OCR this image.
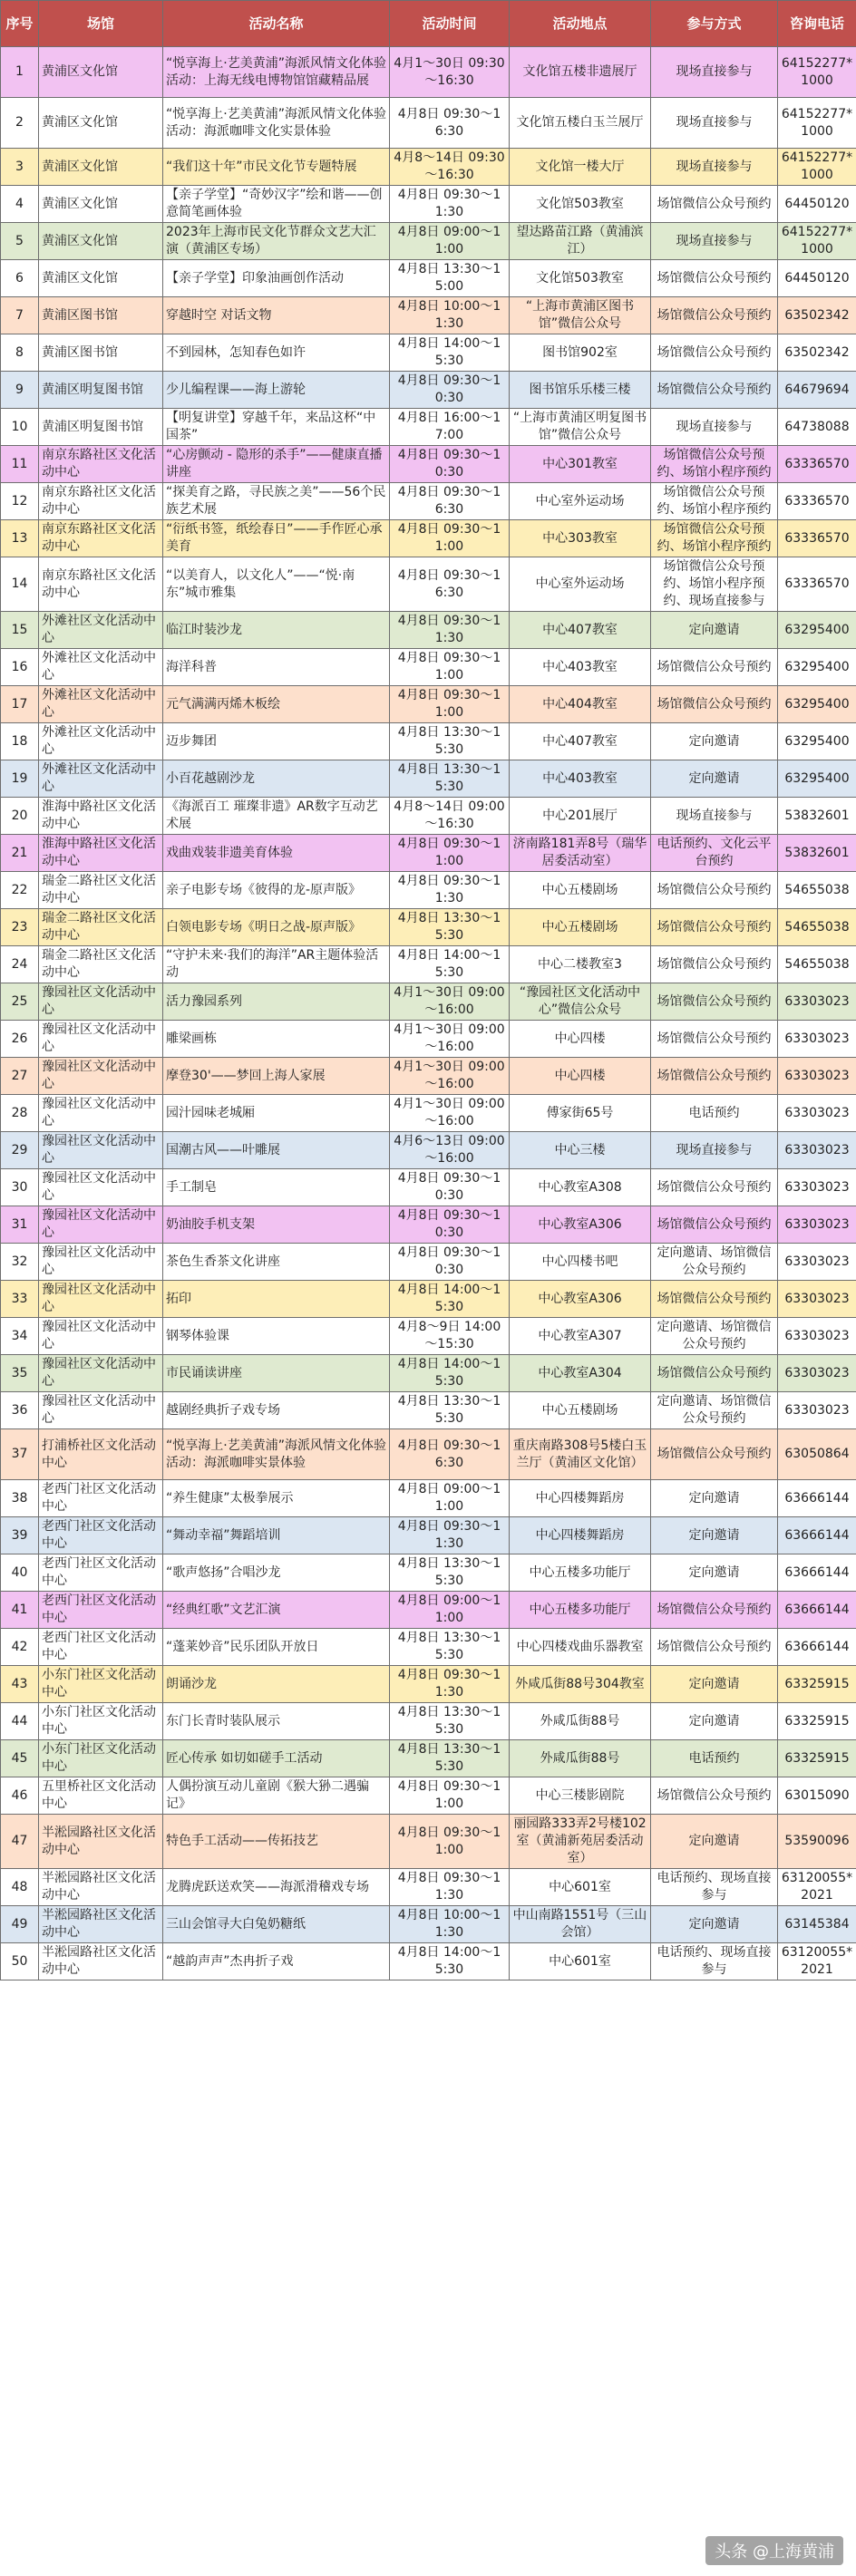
序号	场馆	活动名称	活动时间	活动地点	参与方式	咨询电话
1	黄浦区文化馆	“悦享海上·艺美黄浦”海派风情文化体验活动：上海无线电博物馆馆藏精品展	4月1～30日 09:30～16:30	文化馆五楼非遗展厅	现场直接参与	64152277*1000
2	黄浦区文化馆	“悦享海上·艺美黄浦”海派风情文化体验活动：海派咖啡文化实景体验	4月8日 09:30～16:30	文化馆五楼白玉兰展厅	现场直接参与	64152277*1000
3	黄浦区文化馆	“我们这十年”市民文化节专题特展	4月8～14日 09:30～16:30	文化馆一楼大厅	现场直接参与	64152277*1000
4	黄浦区文化馆	【亲子学堂】“奇妙汉字”绘和谐——创意简笔画体验	4月8日 09:30～11:30	文化馆503教室	场馆微信公众号预约	64450120
5	黄浦区文化馆	2023年上海市民文化节群众文艺大汇演（黄浦区专场）	4月8日 09:00～11:00	望达路苗江路（黄浦滨江）	现场直接参与	64152277*1000
6	黄浦区文化馆	【亲子学堂】印象油画创作活动	4月8日 13:30～15:00	文化馆503教室	场馆微信公众号预约	64450120
7	黄浦区图书馆	穿越时空 对话文物	4月8日 10:00～11:30	“上海市黄浦区图书馆”微信公众号	场馆微信公众号预约	63502342
8	黄浦区图书馆	不到园林，怎知春色如许	4月8日 14:00～15:30	图书馆902室	场馆微信公众号预约	63502342
9	黄浦区明复图书馆	少儿编程课——海上游轮	4月8日 09:30～10:30	图书馆乐乐楼三楼	场馆微信公众号预约	64679694
10	黄浦区明复图书馆	【明复讲堂】穿越千年，来品这杯“中国茶”	4月8日 16:00～17:00	“上海市黄浦区明复图书馆”微信公众号	现场直接参与	64738088
11	南京东路社区文化活动中心	“心房颤动 - 隐形的杀手”——健康直播讲座	4月8日 09:30～10:30	中心301教室	场馆微信公众号预约、场馆小程序预约	63336570
12	南京东路社区文化活动中心	“探美育之路，寻民族之美”——56个民族艺术展	4月8日 09:30～16:30	中心室外运动场	场馆微信公众号预约、场馆小程序预约	63336570
13	南京东路社区文化活动中心	“衍纸书签，纸绘春日”——手作匠心承美育	4月8日 09:30～11:00	中心303教室	场馆微信公众号预约、场馆小程序预约	63336570
14	南京东路社区文化活动中心	“以美育人，以文化人”——“悦·南东”城市雅集	4月8日 09:30～16:30	中心室外运动场	场馆微信公众号预约、场馆小程序预约、现场直接参与	63336570
15	外滩社区文化活动中心	临江时装沙龙	4月8日 09:30～11:30	中心407教室	定向邀请	63295400
16	外滩社区文化活动中心	海洋科普	4月8日 09:30～11:00	中心403教室	场馆微信公众号预约	63295400
17	外滩社区文化活动中心	元气满满丙烯木板绘	4月8日 09:30～11:00	中心404教室	场馆微信公众号预约	63295400
18	外滩社区文化活动中心	迈步舞团	4月8日 13:30～15:30	中心407教室	定向邀请	63295400
19	外滩社区文化活动中心	小百花越剧沙龙	4月8日 13:30～15:30	中心403教室	定向邀请	63295400
20	淮海中路社区文化活动中心	《海派百工 璀璨非遗》AR数字互动艺术展	4月8～14日 09:00～16:30	中心201展厅	现场直接参与	53832601
21	淮海中路社区文化活动中心	戏曲戏装非遗美育体验	4月8日 09:30～11:00	济南路181弄8号（瑞华居委活动室）	电话预约、文化云平台预约	53832601
22	瑞金二路社区文化活动中心	亲子电影专场《彼得的龙-原声版》	4月8日 09:30～11:30	中心五楼剧场	场馆微信公众号预约	54655038
23	瑞金二路社区文化活动中心	白领电影专场《明日之战-原声版》	4月8日 13:30～15:30	中心五楼剧场	场馆微信公众号预约	54655038
24	瑞金二路社区文化活动中心	“守护未来·我们的海洋”AR主题体验活动	4月8日 14:00～15:30	中心二楼教室3	场馆微信公众号预约	54655038
25	豫园社区文化活动中心	活力豫园系列	4月1～30日 09:00～16:00	“豫园社区文化活动中心”微信公众号	场馆微信公众号预约	63303023
26	豫园社区文化活动中心	雕梁画栋	4月1～30日 09:00～16:00	中心四楼	场馆微信公众号预约	63303023
27	豫园社区文化活动中心	摩登30'——梦回上海人家展	4月1～30日 09:00～16:00	中心四楼	场馆微信公众号预约	63303023
28	豫园社区文化活动中心	园汁园味老城厢	4月1～30日 09:00～16:00	傅家街65号	电话预约	63303023
29	豫园社区文化活动中心	国潮古风——叶雕展	4月6～13日 09:00～16:00	中心三楼	现场直接参与	63303023
30	豫园社区文化活动中心	手工制皂	4月8日 09:30～10:30	中心教室A308	场馆微信公众号预约	63303023
31	豫园社区文化活动中心	奶油胶手机支架	4月8日 09:30～10:30	中心教室A306	场馆微信公众号预约	63303023
32	豫园社区文化活动中心	茶色生香茶文化讲座	4月8日 09:30～10:30	中心四楼书吧	定向邀请、场馆微信公众号预约	63303023
33	豫园社区文化活动中心	拓印	4月8日 14:00～15:30	中心教室A306	场馆微信公众号预约	63303023
34	豫园社区文化活动中心	钢琴体验课	4月8～9日 14:00～15:30	中心教室A307	定向邀请、场馆微信公众号预约	63303023
35	豫园社区文化活动中心	市民诵读讲座	4月8日 14:00～15:30	中心教室A304	场馆微信公众号预约	63303023
36	豫园社区文化活动中心	越剧经典折子戏专场	4月8日 13:30～15:30	中心五楼剧场	定向邀请、场馆微信公众号预约	63303023
37	打浦桥社区文化活动中心	“悦享海上·艺美黄浦”海派风情文化体验活动：海派咖啡实景体验	4月8日 09:30～16:30	重庆南路308号5楼白玉兰厅（黄浦区文化馆）	场馆微信公众号预约	63050864
38	老西门社区文化活动中心	“养生健康”太极拳展示	4月8日 09:00～11:00	中心四楼舞蹈房	定向邀请	63666144
39	老西门社区文化活动中心	“舞动幸福”舞蹈培训	4月8日 09:30～11:30	中心四楼舞蹈房	定向邀请	63666144
40	老西门社区文化活动中心	“歌声悠扬”合唱沙龙	4月8日 13:30～15:30	中心五楼多功能厅	定向邀请	63666144
41	老西门社区文化活动中心	“经典红歌”文艺汇演	4月8日 09:00～11:00	中心五楼多功能厅	场馆微信公众号预约	63666144
42	老西门社区文化活动中心	“蓬莱妙音”民乐团队开放日	4月8日 13:30～15:30	中心四楼戏曲乐器教室	场馆微信公众号预约	63666144
43	小东门社区文化活动中心	朗诵沙龙	4月8日 09:30～11:30	外咸瓜街88号304教室	定向邀请	63325915
44	小东门社区文化活动中心	东门长青时装队展示	4月8日 13:30～15:30	外咸瓜街88号	定向邀请	63325915
45	小东门社区文化活动中心	匠心传承 如切如磋手工活动	4月8日 13:30～15:30	外咸瓜街88号	电话预约	63325915
46	五里桥社区文化活动中心	人偶扮演互动儿童剧《猴大狲二遇骗记》	4月8日 09:30～11:00	中心三楼影剧院	场馆微信公众号预约	63015090
47	半淞园路社区文化活动中心	特色手工活动——传拓技艺	4月8日 09:30～11:00	丽园路333弄2号楼102室（黄浦新苑居委活动室）	定向邀请	53590096
48	半淞园路社区文化活动中心	龙腾虎跃送欢笑——海派滑稽戏专场	4月8日 09:30～11:30	中心601室	电话预约、现场直接参与	63120055*2021
49	半淞园路社区文化活动中心	三山会馆寻大白兔奶糖纸	4月8日 10:00～11:30	中山南路1551号（三山会馆）	定向邀请	63145384
50	半淞园路社区文化活动中心	“越韵声声”杰冉折子戏	4月8日 14:00～15:30	中心601室	电话预约、现场直接参与	63120055*2021
头条 @上海黄浦
